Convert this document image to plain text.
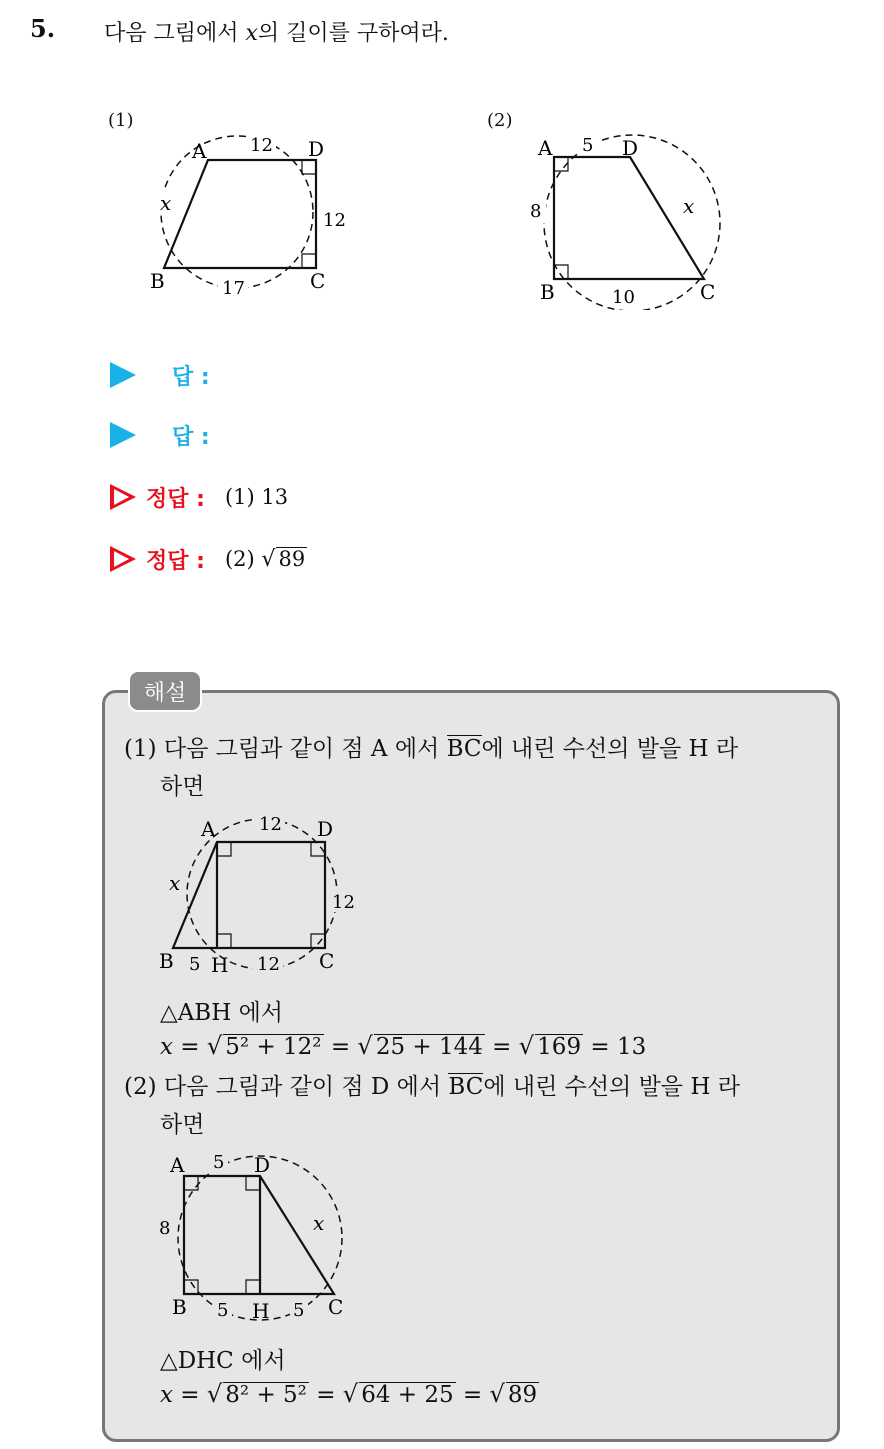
5. 다음 그림에서 x의 길이를 구하여라.
(1)
A	D
B	C
12
12
17
x
(2)
A	D
B	C
5
8
10
x
답 :
답 :
정답 : (1) 13
정답 : (2) √ 89
해설
(1) 다음 그림과 같이 점 A 에서 BC에 내린 수선의 발을 H 라
하면
A	D
B H	C
12
12
5	12
x
△ABH 에서
x = √ 5² + 12² = √ 25 + 144 = √ 169 = 13
(2) 다음 그림과 같이 점 D 에서 BC에 내린 수선의 발을 H 라
하면
A	D
B	H	C
5
8
5	5
x
△DHC 에서
x = √ 8² + 5² = √ 64 + 25 = √ 89
